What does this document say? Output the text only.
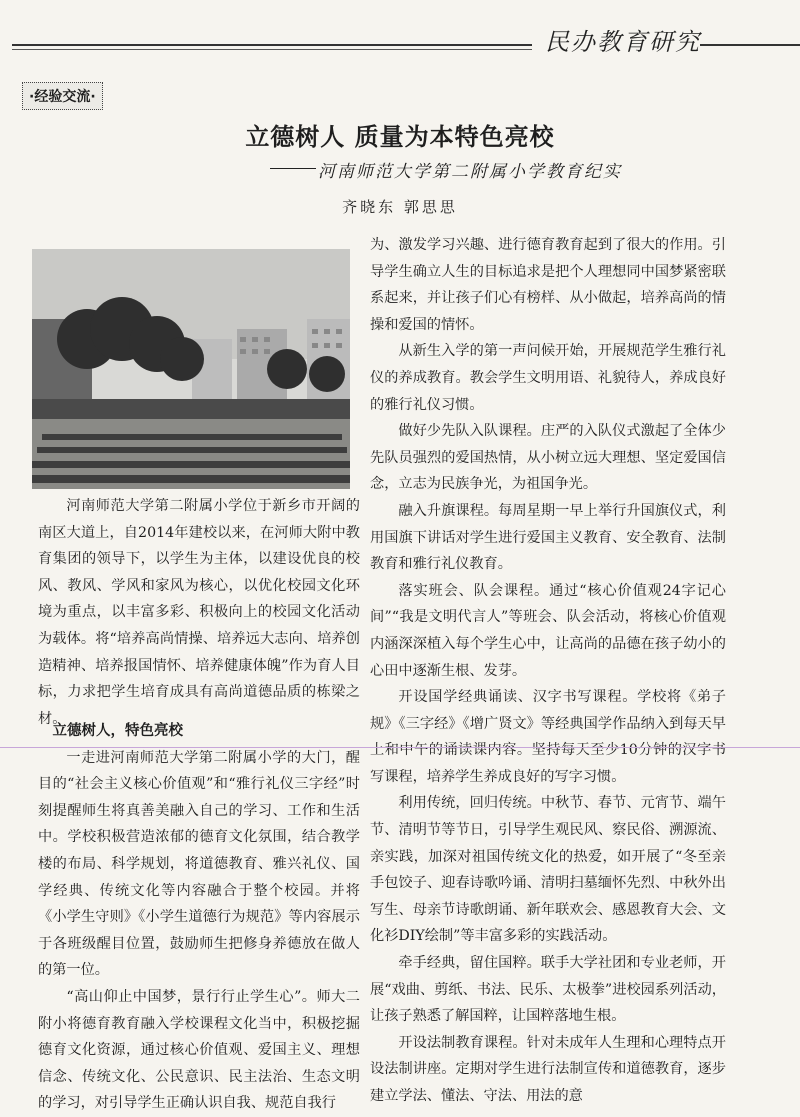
民办教育研究
·经验交流·
立德树人 质量为本特色亮校
河南师范大学第二附属小学教育纪实
齐晓东 郭思思

河南师范大学第二附属小学位于新乡市开阔的南区大道上，自2014年建校以来，在河师大附中教育集团的领导下，以学生为主体，以建设优良的校风、教风、学风和家风为核心，以优化校园文化环境为重点，以丰富多彩、积极向上的校园文化活动为载体。将“培养高尚情操、培养远大志向、培养创造精神、培养报国情怀、培养健康体魄”作为育人目标，力求把学生培育成具有高尚道德品质的栋梁之材。

立德树人，特色亮校

一走进河南师范大学第二附属小学的大门，醒目的“社会主义核心价值观”和“雅行礼仪三字经”时刻提醒师生将真善美融入自己的学习、工作和生活中。学校积极营造浓郁的德育文化氛围，结合教学楼的布局、科学规划，将道德教育、雅兴礼仪、国学经典、传统文化等内容融合于整个校园。并将《小学生守则》《小学生道德行为规范》等内容展示于各班级醒目位置，鼓励师生把修身养德放在做人的第一位。

“高山仰止中国梦，景行行止学生心”。师大二附小将德育教育融入学校课程文化当中，积极挖掘德育文化资源，通过核心价值观、爱国主义、理想信念、传统文化、公民意识、民主法治、生态文明的学习，对引导学生正确认识自我、规范自我行

为、激发学习兴趣、进行德育教育起到了很大的作用。引导学生确立人生的目标追求是把个人理想同中国梦紧密联系起来，并让孩子们心有榜样、从小做起，培养高尚的情操和爱国的情怀。

从新生入学的第一声问候开始，开展规范学生雅行礼仪的养成教育。教会学生文明用语、礼貌待人，养成良好的雅行礼仪习惯。

做好少先队入队课程。庄严的入队仪式激起了全体少先队员强烈的爱国热情，从小树立远大理想、坚定爱国信念，立志为民族争光，为祖国争光。

融入升旗课程。每周星期一早上举行升国旗仪式，利用国旗下讲话对学生进行爱国主义教育、安全教育、法制教育和雅行礼仪教育。

落实班会、队会课程。通过“核心价值观24字记心间”“我是文明代言人”等班会、队会活动，将核心价值观内涵深深植入每个学生心中，让高尚的品德在孩子幼小的心田中逐渐生根、发芽。

开设国学经典诵读、汉字书写课程。学校将《弟子规》《三字经》《增广贤文》等经典国学作品纳入到每天早上和中午的诵读课内容。坚持每天至少10分钟的汉字书写课程，培养学生养成良好的写字习惯。

利用传统，回归传统。中秋节、春节、元宵节、端午节、清明节等节日，引导学生观民风、察民俗、溯源流、亲实践，加深对祖国传统文化的热爱，如开展了“冬至亲手包饺子、迎春诗歌吟诵、清明扫墓缅怀先烈、中秋外出写生、母亲节诗歌朗诵、新年联欢会、感恩教育大会、文化衫DIY绘制”等丰富多彩的实践活动。

牵手经典，留住国粹。联手大学社团和专业老师，开展“戏曲、剪纸、书法、民乐、太极拳”进校园系列活动，让孩子熟悉了解国粹，让国粹落地生根。

开设法制教育课程。针对未成年人生理和心理特点开设法制讲座。定期对学生进行法制宣传和道德教育，逐步建立学法、懂法、守法、用法的意
